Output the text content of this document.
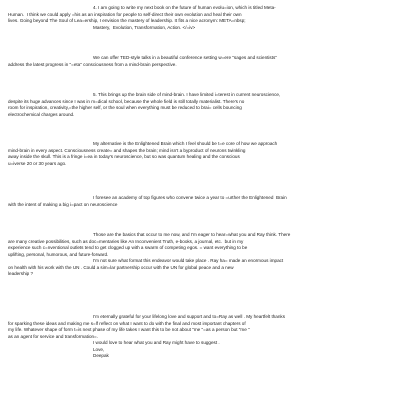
4. I am going to write my next book on the future of human evolu=ion, which is titled Meta-
Human.  I think we could apply =his as an inspiration for people to self-direct their own evolution and heal their own
lives. Going beyond The Soul of Lea=ership, I envision the mastery of leadership. It fits a nice acronym: META=nbsp;
Mastery,  Evolution, Transformation, Action. </=iv>
We can offer TED-style talks in a beautiful conference setting w=ere "sages and scientists"
address the latest progress in "=eta" consciousness from a mind-brain perspective.
5. This brings up the brain side of mind-brain. I have limited i=terest in current neuroscience,
despite its huge advances since I was in m=dical school, because the whole field is still totally materialist. There's no
room for inspiration, creativity,=the higher self, or the soul when everything must be reduced to brai= cells bouncing
electrochemical charges around.
My alternative is the Enlightened Brain which I feel should be t=e core of how we approach
mind-brain in every aspect. Consciousness create= and shapes the brain; mind isn't a byproduct of neurons twinkling
away inside the skull. This is a fringe i=ea in today's neuroscience, but so was quantum healing and the conscious
u=iverse 20 or 30 years ago.
I foresee an academy of top figures who convene twice a year to =urther the Enlightened  Brain
with the intent of making a big i=pact on neuroscience
Those are the basics that occur to me now, and I'm eager to hear=what you and Ray think. There
are many creative possibilities, such as doc=mentaries like An Inconvenient Truth, e-books, a journal, etc.  but in my
experience such c=nventional outlets tend to get clogged up with a swarm of competing egos. = want everything to be
uplifting, personal, humorous, and future-forward.
I'm not sure what format this endeavor would take place . Ray ha= made an enormous impact
on health with his work with the UN . Could a sim=lar partnership occur with the UN for global peace and a new
leadership ?
I'm eternally grateful for your lifelong love and support and to=Ray as well . My heartfelt thanks
for sparking these ideas and making me s=lf reflect on what I want to do with the final and most important chapters of
my life. Whatever shape of form t=is next phase of my life takes I want this to be not about "me "=as a person but "me "
as an agent for service and transformation=.
I would love to hear what you and Ray might have to suggest .
Love,
Deepak
